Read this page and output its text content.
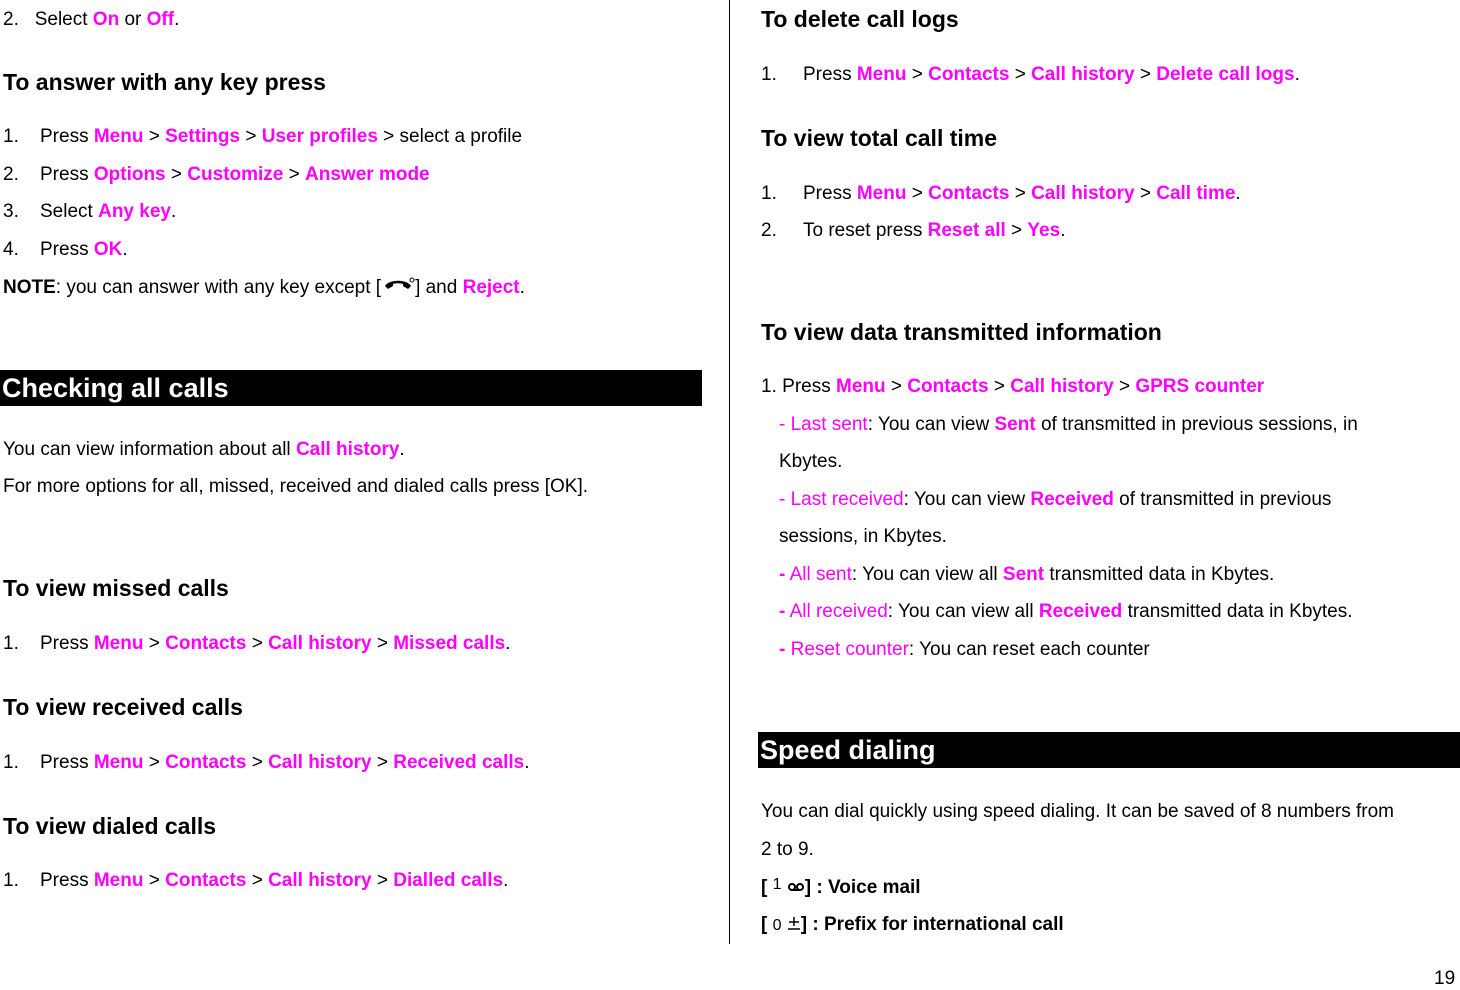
2. Select On or Off.
To answer with any key press
1. Press Menu > Settings > User profiles > select a profile
2. Press Options > Customize > Answer mode
3. Select Any key.
4. Press OK.
NOTE: you can answer with any key except [ ] and Reject.
Checking all calls
You can view information about all Call history.
For more options for all, missed, received and dialed calls press [OK].
To view missed calls
1. Press Menu > Contacts > Call history > Missed calls.
To view received calls
1. Press Menu > Contacts > Call history > Received calls.
To view dialed calls
1. Press Menu > Contacts > Call history > Dialled calls.
To delete call logs
1. Press Menu > Contacts > Call history > Delete call logs.
To view total call time
1. Press Menu > Contacts > Call history > Call time.
2. To reset press Reset all > Yes.
To view data transmitted information
1. Press Menu > Contacts > Call history > GPRS counter
- Last sent: You can view Sent of transmitted in previous sessions, in
Kbytes.
- Last received: You can view Received of transmitted in previous
sessions, in Kbytes.
- All sent: You can view all Sent transmitted data in Kbytes.
- All received: You can view all Received transmitted data in Kbytes.
- Reset counter: You can reset each counter
Speed dialing
You can dial quickly using speed dialing. It can be saved of 8 numbers from
2 to 9.
[ $^1$ ] : Voice mail
[ 0 ] : Prefix for international call
19
